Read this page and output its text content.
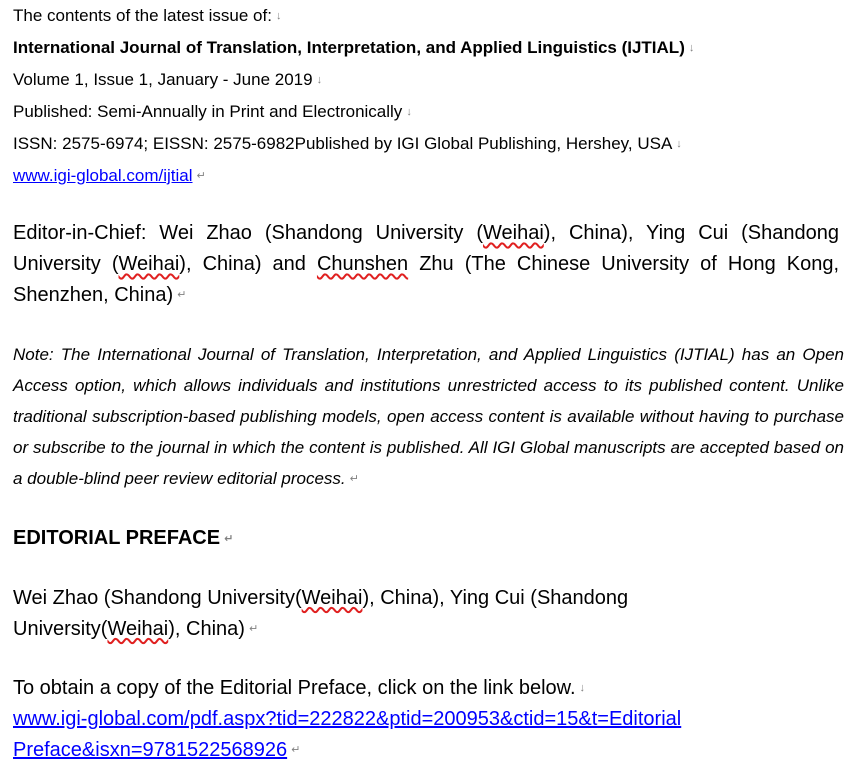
The contents of the latest issue of: ↓
International Journal of Translation, Interpretation, and Applied Linguistics (IJTIAL) ↓
Volume 1, Issue 1, January - June 2019 ↓
Published: Semi-Annually in Print and Electronically ↓
ISSN: 2575-6974; EISSN: 2575-6982Published by IGI Global Publishing, Hershey, USA ↓
www.igi-global.com/ijtial ↵
Editor-in-Chief: Wei Zhao (Shandong University (Weihai), China), Ying Cui (Shandong University (Weihai), China) and Chunshen Zhu (The Chinese University of Hong Kong, Shenzhen, China) ↵
Note: The International Journal of Translation, Interpretation, and Applied Linguistics (IJTIAL) has an Open Access option, which allows individuals and institutions unrestricted access to its published content. Unlike traditional subscription-based publishing models, open access content is available without having to purchase or subscribe to the journal in which the content is published. All IGI Global manuscripts are accepted based on a double-blind peer review editorial process. ↵
EDITORIAL PREFACE ↵
Wei Zhao (Shandong University(Weihai), China), Ying Cui (Shandong University(Weihai), China) ↵
To obtain a copy of the Editorial Preface, click on the link below. ↓
www.igi-global.com/pdf.aspx?tid=222822&ptid=200953&ctid=15&t=Editorial
Preface&isxn=9781522568926 ↵
